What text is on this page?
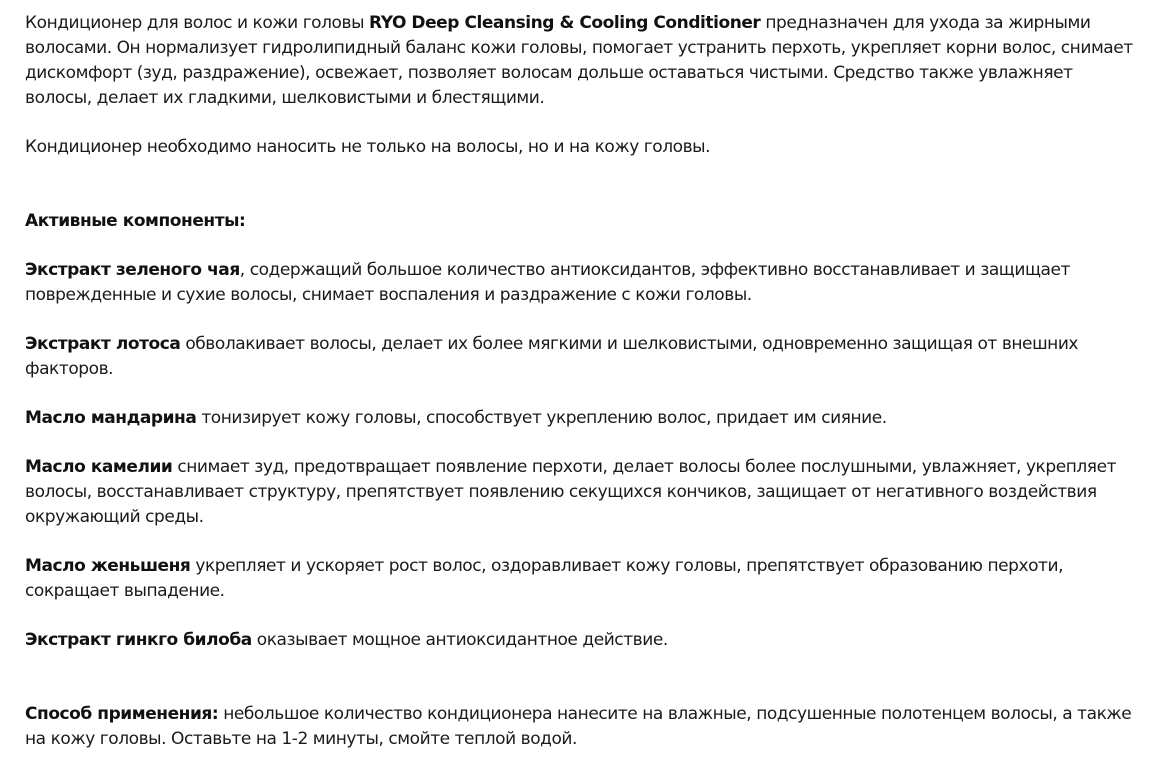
Кондиционер для волос и кожи головы RYO Deep Cleansing & Cooling Conditioner предназначен для ухода за жирными волосами. Он нормализует гидролипидный баланс кожи головы, помогает устранить перхоть, укрепляет корни волос, снимает дискомфорт (зуд, раздражение), освежает, позволяет волосам дольше оставаться чистыми. Средство также увлажняет волосы, делает их гладкими, шелковистыми и блестящими.

Кондиционер необходимо наносить не только на волосы, но и на кожу головы.

Активные компоненты:

Экстракт зеленого чая, содержащий большое количество антиоксидантов, эффективно восстанавливает и защищает поврежденные и сухие волосы, снимает воспаления и раздражение с кожи головы.

Экстракт лотоса обволакивает волосы, делает их более мягкими и шелковистыми, одновременно защищая от внешних факторов.

Масло мандарина тонизирует кожу головы, способствует укреплению волос, придает им сияние.

Масло камелии снимает зуд, предотвращает появление перхоти, делает волосы более послушными, увлажняет, укрепляет волосы, восстанавливает структуру, препятствует появлению секущихся кончиков, защищает от негативного воздействия окружающий среды.

Масло женьшеня укрепляет и ускоряет рост волос, оздоравливает кожу головы, препятствует образованию перхоти, сокращает выпадение.

Экстракт гинкго билоба оказывает мощное антиоксидантное действие.

Способ применения: небольшое количество кондиционера нанесите на влажные, подсушенные полотенцем волосы, а также на кожу головы. Оставьте на 1-2 минуты, смойте теплой водой.
